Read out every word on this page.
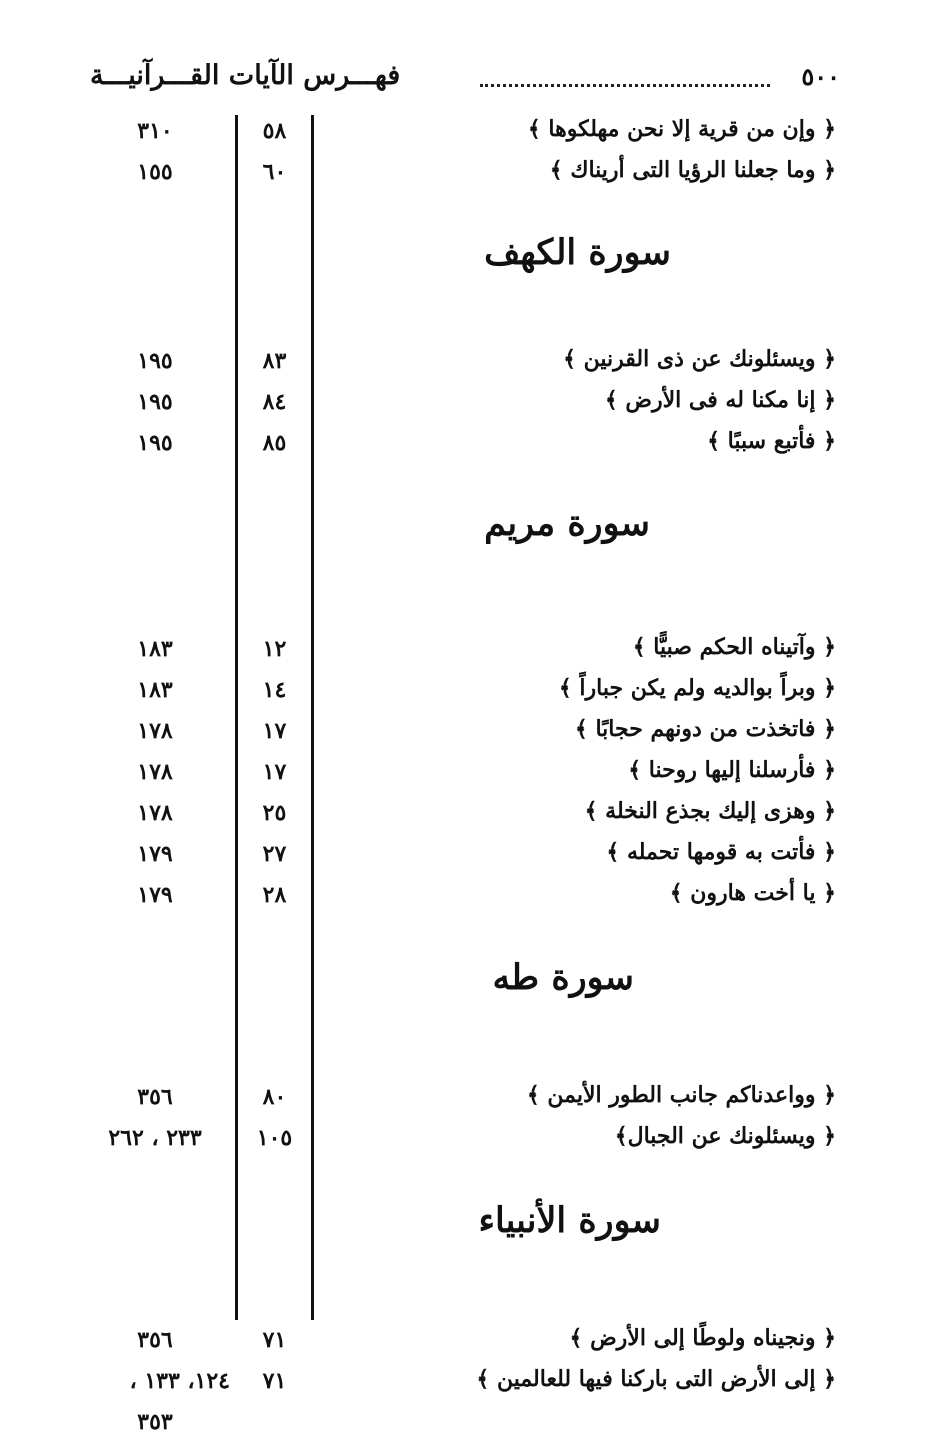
٥٠٠
فهـــرس الآيات القـــرآنيـــة
﴿ وإن من قرية إلا نحن مهلكوها ﴾
٥٨
٣١٠
﴿ وما جعلنا الرؤيا التى أريناك ﴾
٦٠
١٥٥
سورة الكهف
﴿ ويسئلونك عن ذى القرنين ﴾
٨٣
١٩٥
﴿ إنا مكنا له فى الأرض ﴾
٨٤
١٩٥
﴿ فأتبع سببًا ﴾
٨٥
١٩٥
سورة مريم
﴿ وآتيناه الحكم صبيًّا ﴾
١٢
١٨٣
﴿ وبراً بوالديه ولم يكن جباراً ﴾
١٤
١٨٣
﴿ فاتخذت من دونهم حجابًا ﴾
١٧
١٧٨
﴿ فأرسلنا إليها روحنا ﴾
١٧
١٧٨
﴿ وهزى إليك بجذع النخلة ﴾
٢٥
١٧٨
﴿ فأتت به قومها تحمله ﴾
٢٧
١٧٩
﴿ يا أخت هارون ﴾
٢٨
١٧٩
سورة طه
﴿ وواعدناكم جانب الطور الأيمن ﴾
٨٠
٣٥٦
﴿ ويسئلونك عن الجبال﴾
١٠٥
٢٣٣ ، ٢٦٢
سورة الأنبياء
﴿ ونجيناه ولوطًا إلى الأرض ﴾
٧١
٣٥٦
﴿ إلى الأرض التى باركنا فيها للعالمين ﴾
٧١
١٢٤، ١٣٣ ،
٣٥٣
